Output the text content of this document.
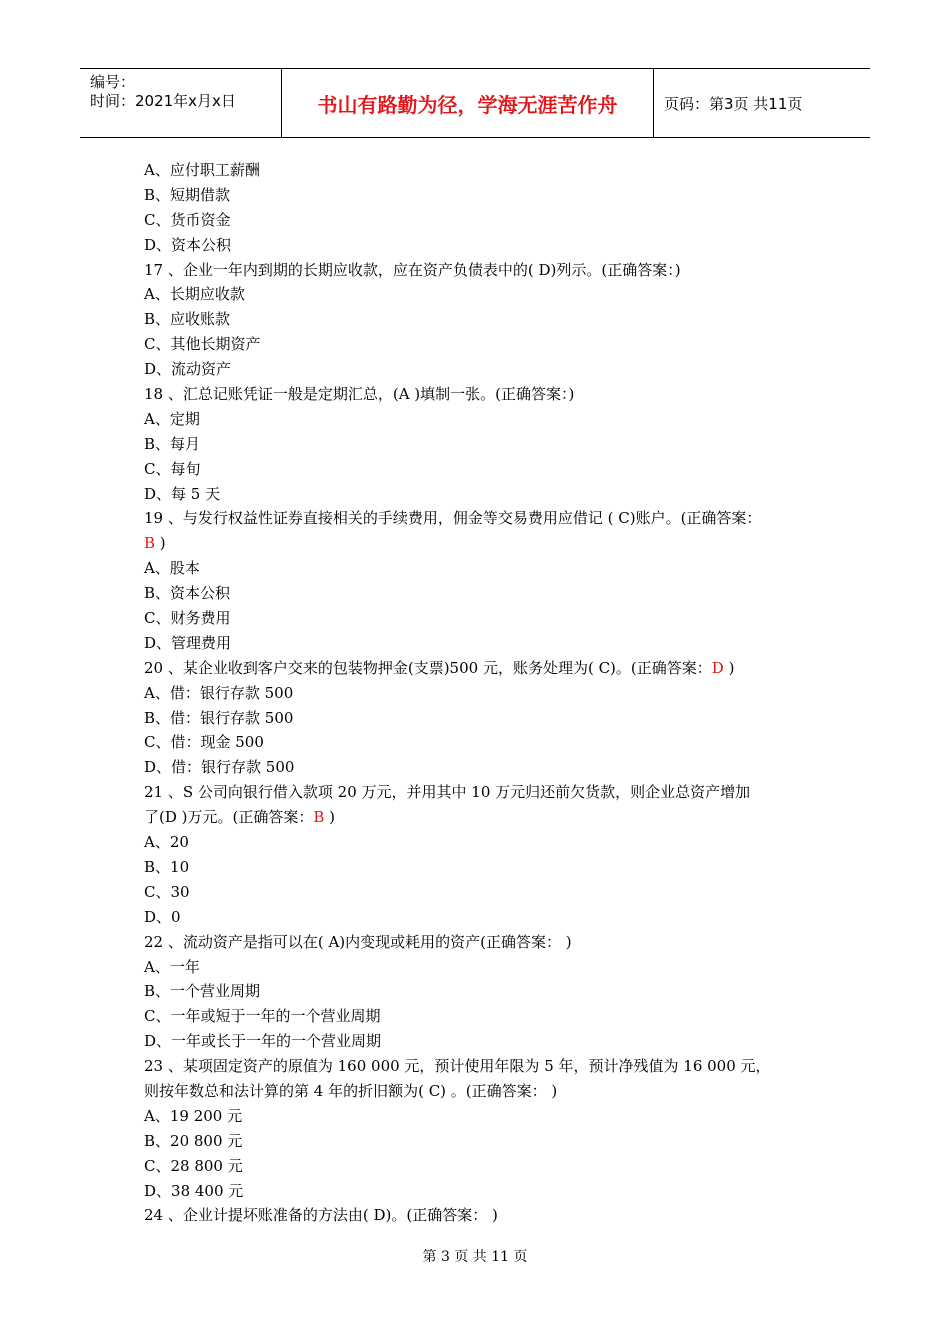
编号：
时间：2021年x月x日	书山有路勤为径，学海无涯苦作舟	页码：第3页 共11页
A、应付职工薪酬
B、短期借款
C、货币资金
D、资本公积
17 、企业一年内到期的长期应收款，应在资产负债表中的( D)列示。(正确答案：)
A、长期应收款
B、应收账款
C、其他长期资产
D、流动资产
18 、汇总记账凭证一般是定期汇总，(A )填制一张。(正确答案：)
A、定期
B、每月
C、每旬
D、每 5 天
19 、与发行权益性证券直接相关的手续费用，佣金等交易费用应借记 ( C)账户。(正确答案：
B )
A、股本
B、资本公积
C、财务费用
D、管理费用
20 、某企业收到客户交来的包装物押金(支票)500 元，账务处理为( C)。(正确答案：D )
A、借：银行存款 500
B、借：银行存款 500
C、借：现金 500
D、借：银行存款 500
21 、S 公司向银行借入款项 20 万元，并用其中 10 万元归还前欠货款，则企业总资产增加
了(D )万元。(正确答案：B )
A、20
B、10
C、30
D、0
22 、流动资产是指可以在( A)内变现或耗用的资产(正确答案： )
A、一年
B、一个营业周期
C、一年或短于一年的一个营业周期
D、一年或长于一年的一个营业周期
23 、某项固定资产的原值为 160 000 元，预计使用年限为 5 年，预计净残值为 16 000 元，
则按年数总和法计算的第 4 年的折旧额为( C) 。(正确答案： )
A、19 200 元
B、20 800 元
C、28 800 元
D、38 400 元
24 、企业计提坏账准备的方法由( D)。(正确答案： )
第 3 页 共 11 页
